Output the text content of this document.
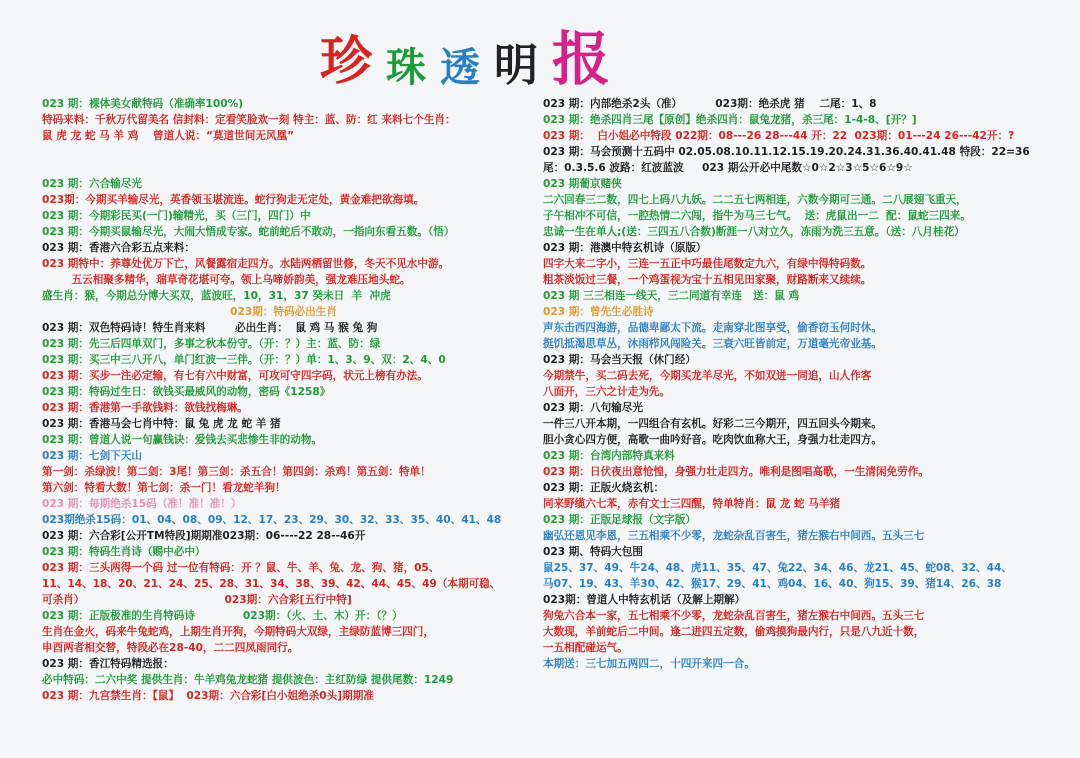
珍 珠 透 明 报
023 期：裸体美女献特码（准确率100%)
特码来料：千秋万代留美名 信封料：定看笑脸欢一刻 特主：蓝、防：红 来料七个生肖：
鼠 虎 龙 蛇 马 羊 鸡    曾道人说：“莫道世间无风凰”
023 期：六合输尽光
023期：今期买羊输尽光，英香领玉堪流连。蛇行狗走无定处，黄金难把欲海填。
023 期：今期彩民买(一门)输精光，买（三门，四门）中
023 期：今期买鼠输尽光，大闹大悟成专家。蛇前蛇后不敢动，一指向东看五数。（悟）
023 期：香港六合彩五点来料：
023 期特中：养尊处优万下亡，风餐露宿走四方。水陆两栖留世修，冬天不见水中游。
五云相聚多精华，瑞草奇花堪可夸。领上乌啼娇韵美，强龙难压地头蛇。
盛生肖：猴，今期总分博大买双，蓝波旺，10，31，37 癸未日  羊  冲虎
023期：特码必出生肖
023 期：双色特码诗！特生肖来料        必出生肖：  鼠 鸡 马 猴 兔 狗
023 期：先三后四单双门，多事之秋本份守。（开：？）主：蓝、防：绿
023 期：买三中三八开八，单门红波一三伴。（开：？）单：1、3、9、双：2、4、0
023 期：买步一注必定输，有七有六中财富，可攻可守四字码，状元上榜有办法。
023 期：特码过生日：欲钱买最威风的动物，密码《1258》
023 期：香港第一手欲钱料：欲钱找梅琳。
023 期：香港马会七肖中特：鼠 兔 虎 龙 蛇 羊 猪
023 期：曾道人说一句赢钱诀：爱钱去买悲惨生非的动物。
023 期：七剑下天山
第一剑：杀绿波！第二剑：3尾！第三剑：杀五合！第四剑：杀鸡！第五剑：特单！
第六剑：特看大数！第七剑：杀一门！看龙蛇羊狗！
023 期：每期绝杀15码（准！准！准！）
023期绝杀15码：01、04、08、09、12、17、23、29、30、32、33、35、40、41、48
023 期：六合彩[公开TM特段]期期准023期：06----22 28--46开
023 期：特码生肖诗（赐中必中）
023 期：三头两得一个码 过一位有特码：开 ？鼠、牛、羊、兔、龙、狗、猪，05、
11、14、18、20、21、24、25、28、31、34、38、39、42、44、45、49（本期可稳、
可杀肖）                                      023期：六合彩[五行中特]
023 期：正版极准的生肖特码诗             023期：（火、土、木）开：（？）
生肖在金火，码来牛兔蛇鸡，上期生肖开狗，今期特码大双绿，主绿防蓝博三四门，
申酉两者相交替，特段必在28-40，二二四凤雨同行。
023 期：香江特码精选报：
必中特码：二六中奖 提供生肖：牛羊鸡兔龙蛇猪 提供波色：主红防绿 提供尾数：1249
023 期：九宫禁生肖：【鼠】  023期：六合彩[白小姐绝杀0头]期期准
023 期：内部绝杀2头（准）         023期：绝杀虎 猪    二尾：1、8
023 期：绝杀四肖三尾【原创】绝杀四肖：鼠兔龙猪，杀三尾：1-4-8、[开？]
023 期：  白小姐必中特段 022期：08---26 28---44 开：22  023期：01---24 26---42开：?
023 期：马会预测十五码中 02.05.08.10.11.12.15.19.20.24.31.36.40.41.48 特段：22=36
尾：0.3.5.6 波路：红波蓝波     023 期公开必中尾数☆0☆2☆3☆5☆6☆9☆
023 期葡京赌侠
二六回春三二数，四七上码八九妖。二二五七两相连，六数今期可三通。二八展翅飞重天，
子午相冲不可信，一腔热情二六闯，指牛为马三七气。  送：虎鼠出一二  配：鼠蛇三四来。
忠诚一生在单人;(送：三四五八合数)断涯一八对立久，冻雨为洗三五意。（送：八月桂花）
023 期：港澳中特玄机诗（原版）
四字大来二字小，三连一五正中巧最佳尾数定九六，有绿中得特码数。
粗茶淡饭过三餐，一个鸡蛋视为宝十五相见田家聚，财路断来又续续。
023 期 三三相连一线天，三二同道有幸连   送：鼠 鸡
023 期：曾先生必胜诗
声东击西四海游，品德卑鄙太下流。走南穿北图享受，偷香窃玉何时休。
挺饥抵渴思草丛，沐雨栉风闯险关。三衰六旺皆前定，万道毫光帝业基。
023 期：马会当天报（休门经）
今期禁牛，买二码去死，今期买龙羊尽光，不如双进一同追，山人作客
八面开，三六之计走为先。
023 期：八句输尽光
一件三八开本期，一四组合有玄机。好彩二三今期开，四五回头今期来。
胆小贪心四方便，高歌一曲吟好音。吃肉饮血称大王，身强力壮走四方。
023 期：台湾内部特真来料
023 期：日伏夜出意怆惶，身强力壮走四方。唯利是图唱高歌，一生清闲免劳作。
023 期：正版火烧玄机：
同来野缆六七苯，赤有文士三四醒，特单特肖：鼠 龙 蛇 马羊猪
023 期：正版足球报（文字版）
幽弘还恩见李恩，三五相乘不少零，龙蛇杂乱百害生，猪左猴右中间西。五头三七
023 期、特码大包围
鼠25、37、49、牛24、48、虎11、35、47、兔22、34、46、龙21、45、蛇08、32、44、
马07、19、43、羊30、42、猴17、29、41、鸡04、16、40、狗15、39、猪14、26、38
023期：曾道人中特玄机话（及解上期解）
狗兔六合本一家，五七相乘不少零，龙蛇杂乱百害生，猪左猴右中间西。五头三七
大数现，羊前蛇后二中间。逢二进四五定数，偷鸡摸狗最内行，只是八九近十数，
一五相配碰运气。
本期送：三七加五两四二，十四开来四一合。
